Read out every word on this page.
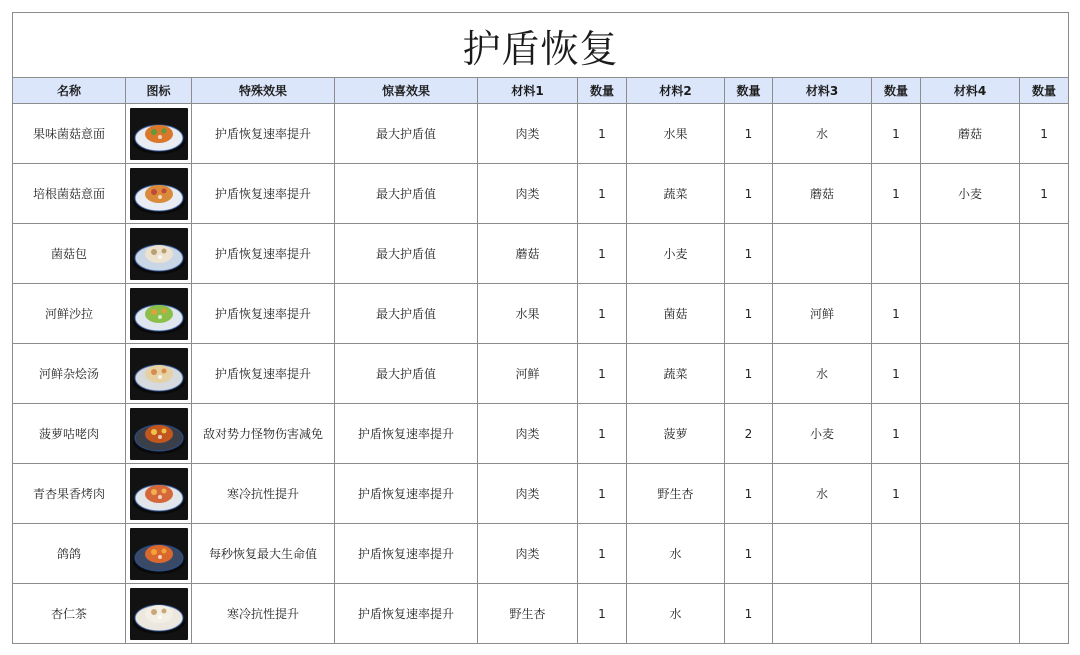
护盾恢复											
名称	图标	特殊效果	惊喜效果	材料1	数量	材料2	数量	材料3	数量	材料4	数量
果味菌菇意面		护盾恢复速率提升	最大护盾值	肉类	1	水果	1	水	1	蘑菇	1
培根菌菇意面		护盾恢复速率提升	最大护盾值	肉类	1	蔬菜	1	蘑菇	1	小麦	1
菌菇包		护盾恢复速率提升	最大护盾值	蘑菇	1	小麦	1				
河鲜沙拉		护盾恢复速率提升	最大护盾值	水果	1	菌菇	1	河鲜	1		
河鲜杂烩汤		护盾恢复速率提升	最大护盾值	河鲜	1	蔬菜	1	水	1		
菠萝咕咾肉		敌对势力怪物伤害减免	护盾恢复速率提升	肉类	1	菠萝	2	小麦	1		
青杏果香烤肉		寒冷抗性提升	护盾恢复速率提升	肉类	1	野生杏	1	水	1		
鸽鸽		每秒恢复最大生命值	护盾恢复速率提升	肉类	1	水	1				
杏仁茶		寒冷抗性提升	护盾恢复速率提升	野生杏	1	水	1				
